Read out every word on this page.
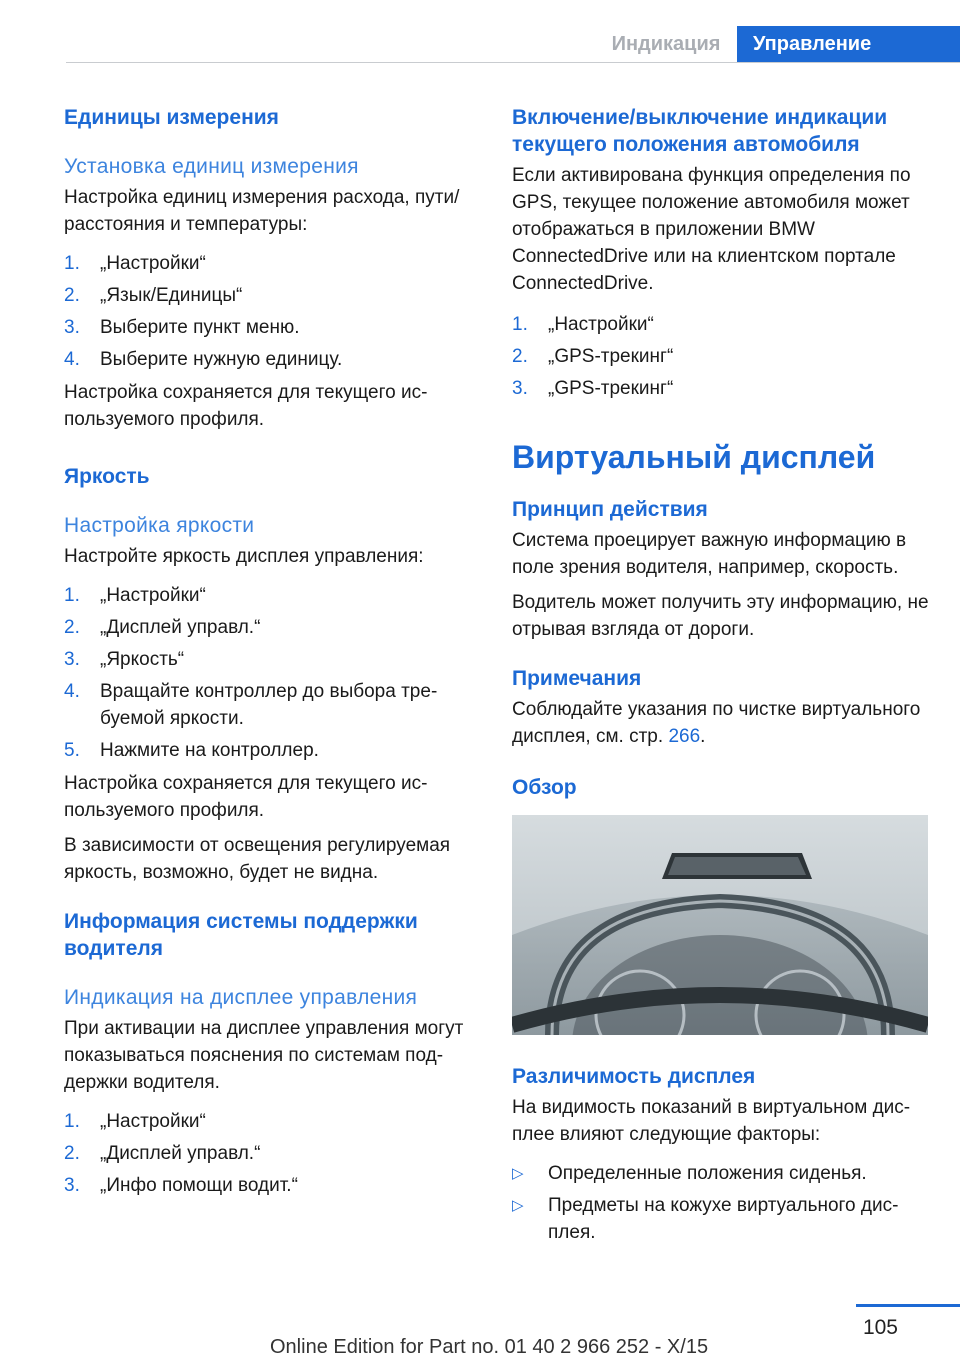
Индикация	Управление
Единицы измерения
Установка единиц измерения

Настройка единиц измерения расхода, пути/расстояния и температуры:

1. „Настройки“
2. „Язык/Единицы“
3. Выберите пункт меню.
4. Выберите нужную единицу.

Настройка сохраняется для текущего используемого профиля.

Яркость
Настройка яркости

Настройте яркость дисплея управления:

1. „Настройки“
2. „Дисплей управл.“
3. „Яркость“
4. Вращайте контроллер до выбора требуемой яркости.
5. Нажмите на контроллер.

Настройка сохраняется для текущего используемого профиля.

В зависимости от освещения регулируемая яркость, возможно, будет не видна.

Информация системы поддержки водителя
Индикация на дисплее управления

При активации на дисплее управления могут показываться пояснения по системам поддержки водителя.

1. „Настройки“
2. „Дисплей управл.“
3. „Инфо помощи водит.“
Включение/выключение индикации текущего положения автомобиля

Если активирована функция определения по GPS, текущее положение автомобиля может отображаться в приложении BMW ConnectedDrive или на клиентском портале ConnectedDrive.

1. „Настройки“
2. „GPS-трекинг“
3. „GPS-трекинг“
Виртуальный дисплей
Принцип действия

Система проецирует важную информацию в поле зрения водителя, например, скорость.

Водитель может получить эту информацию, не отрывая взгляда от дороги.

Примечания

Соблюдайте указания по чистке виртуального дисплея, см. стр. 266.

Обзор
Различимость дисплея

На видимость показаний в виртуальном дисплее влияют следующие факторы:

▷ Определенные положения сиденья.
▷ Предметы на кожухе виртуального дисплея.
105
Online Edition for Part no. 01 40 2 966 252 - X/15
